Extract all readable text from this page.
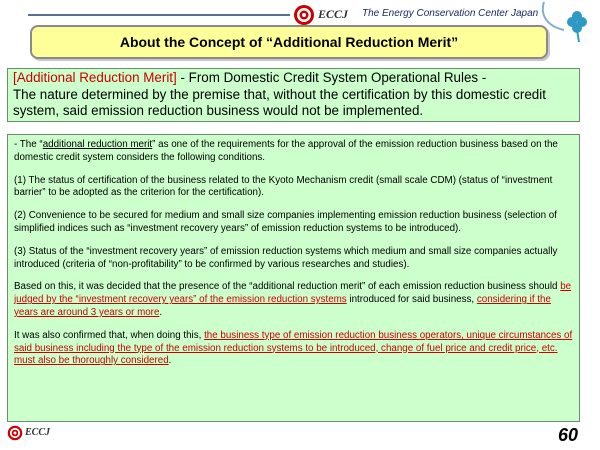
ECCJ The Energy Conservation Center Japan
About the Concept of “Additional Reduction Merit”
[Additional Reduction Merit] - From Domestic Credit System Operational Rules -
The nature determined by the premise that, without the certification by this domestic credit system, said emission reduction business would not be implemented.

- The “additional reduction merit” as one of the requirements for the approval of the emission reduction business based on the domestic credit system considers the following conditions.

(1) The status of certification of the business related to the Kyoto Mechanism credit (small scale CDM) (status of “investment barrier” to be adopted as the criterion for the certification).

(2) Convenience to be secured for medium and small size companies implementing emission reduction business (selection of simplified indices such as “investment recovery years” of emission reduction systems to be introduced).

(3) Status of the “investment recovery years” of emission reduction systems which medium and small size companies actually introduced (criteria of “non-profitability” to be confirmed by various researches and studies).

Based on this, it was decided that the presence of the “additional reduction merit” of each emission reduction business should be judged by the “investment recovery years” of the emission reduction systems introduced for said business, considering if the years are around 3 years or more.

It was also confirmed that, when doing this, the business type of emission reduction business operators, unique circumstances of said business including the type of the emission reduction systems to be introduced, change of fuel price and credit price, etc. must also be thoroughly considered.

ECCJ	60
